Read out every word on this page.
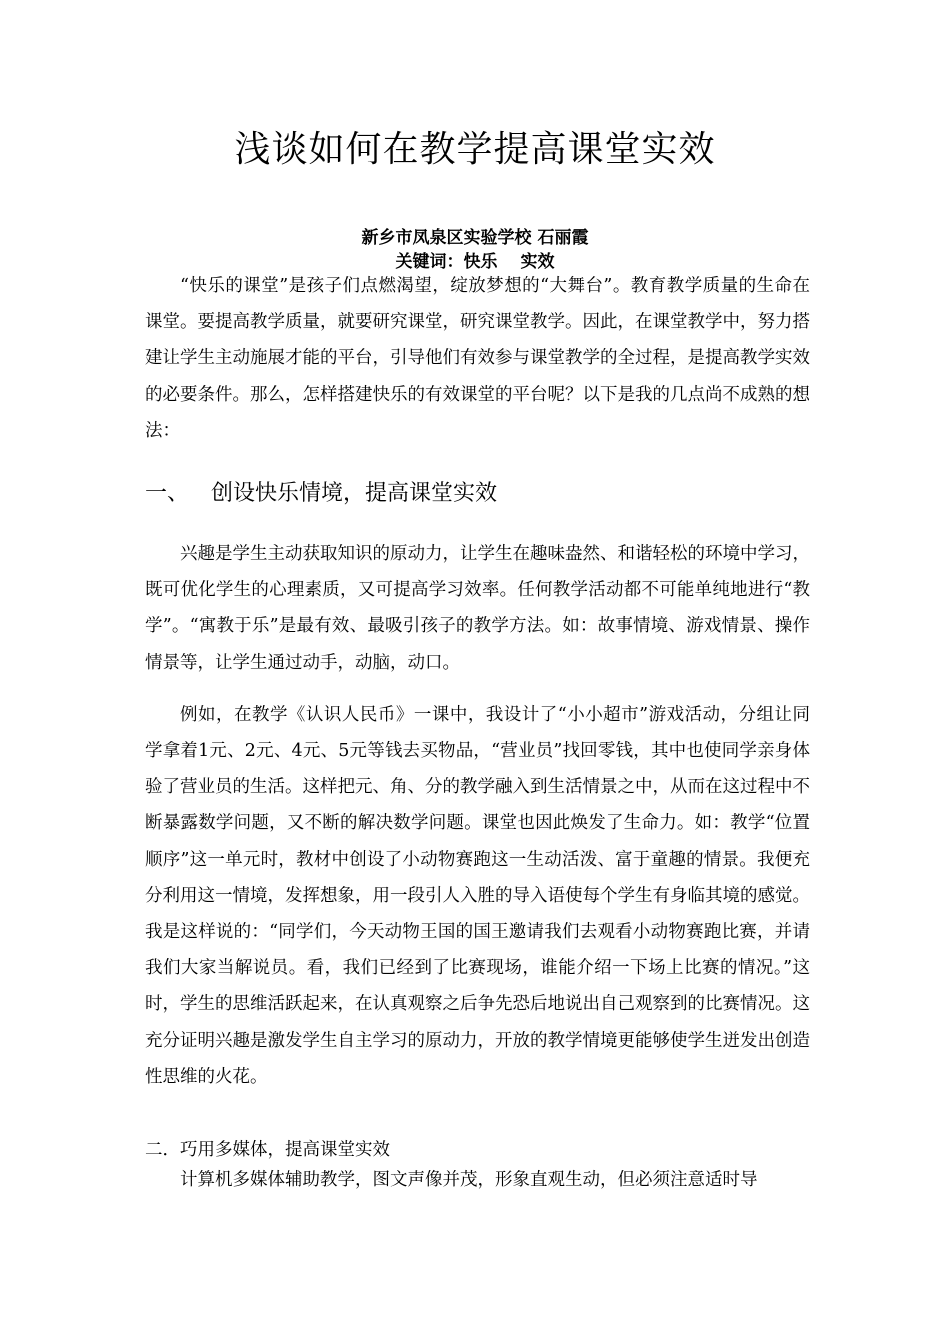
浅谈如何在教学提高课堂实效
新乡市凤泉区实验学校 石丽霞
关键词：快乐　 实效

“快乐的课堂”是孩子们点燃渴望，绽放梦想的“大舞台”。教育教学质量的生命在课堂。要提高教学质量，就要研究课堂，研究课堂教学。因此，在课堂教学中，努力搭建让学生主动施展才能的平台，引导他们有效参与课堂教学的全过程，是提高教学实效的必要条件。那么，怎样搭建快乐的有效课堂的平台呢？以下是我的几点尚不成熟的想法：

一、 创设快乐情境，提高课堂实效

兴趣是学生主动获取知识的原动力，让学生在趣味盎然、和谐轻松的环境中学习，既可优化学生的心理素质，又可提高学习效率。任何教学活动都不可能单纯地进行“教学”。“寓教于乐”是最有效、最吸引孩子的教学方法。如：故事情境、游戏情景、操作情景等，让学生通过动手，动脑，动口。

例如，在教学《认识人民币》一课中，我设计了“小小超市”游戏活动，分组让同学拿着1元、2元、4元、5元等钱去买物品，“营业员”找回零钱，其中也使同学亲身体验了营业员的生活。这样把元、角、分的教学融入到生活情景之中，从而在这过程中不断暴露数学问题，又不断的解决数学问题。课堂也因此焕发了生命力。如：教学“位置顺序”这一单元时，教材中创设了小动物赛跑这一生动活泼、富于童趣的情景。我便充分利用这一情境，发挥想象，用一段引人入胜的导入语使每个学生有身临其境的感觉。我是这样说的：“同学们，今天动物王国的国王邀请我们去观看小动物赛跑比赛，并请我们大家当解说员。看，我们已经到了比赛现场，谁能介绍一下场上比赛的情况。”这时，学生的思维活跃起来，在认真观察之后争先恐后地说出自己观察到的比赛情况。这充分证明兴趣是激发学生自主学习的原动力，开放的教学情境更能够使学生迸发出创造性思维的火花。

二．巧用多媒体，提高课堂实效

计算机多媒体辅助教学，图文声像并茂，形象直观生动，但必须注意适时导
